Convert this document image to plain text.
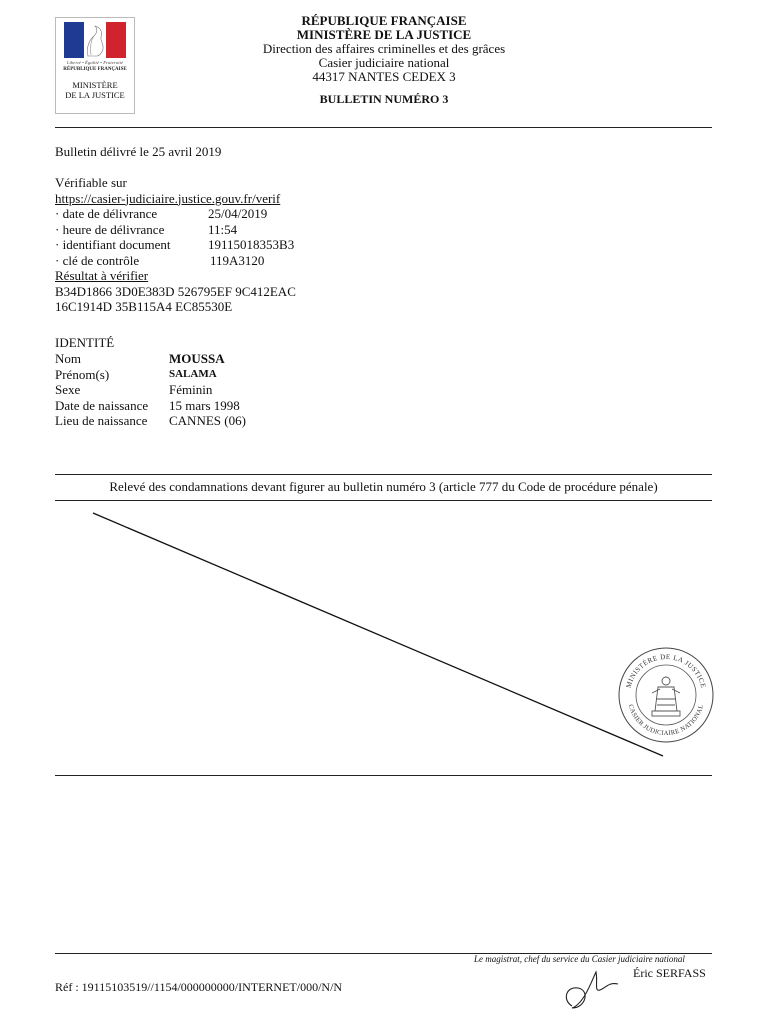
Liberté • Égalité • Fraternité
RÉPUBLIQUE FRANÇAISE
MINISTÈRE
DE LA JUSTICE
RÉPUBLIQUE FRANÇAISE
MINISTÈRE DE LA JUSTICE
Direction des affaires criminelles et des grâces
Casier judiciaire national
44317 NANTES CEDEX 3
BULLETIN NUMÉRO 3
Bulletin délivré le 25 avril 2019
Vérifiable sur
https://casier-judiciaire.justice.gouv.fr/verif
· date de délivrance	25/04/2019
· heure de délivrance	11:54
· identifiant document	19115018353B3
· clé de contrôle	119A3120
Résultat à vérifier
B34D1866 3D0E383D 526795EF 9C412EAC
16C1914D 35B115A4 EC85530E
IDENTITÉ
Nom	MOUSSA
Prénom(s)	SALAMA
Sexe	Féminin
Date de naissance 15 mars 1998
Lieu de naissance CANNES (06)
Relevé des condamnations devant figurer au bulletin numéro 3 (article 777 du Code de procédure pénale)
MINISTÈRE DE LA JUSTICE
CASIER JUDICIAIRE NATIONAL
Le magistrat, chef du service du Casier judiciaire national
Éric SERFASS
Réf : 19115103519//1154/000000000/INTERNET/000/N/N
